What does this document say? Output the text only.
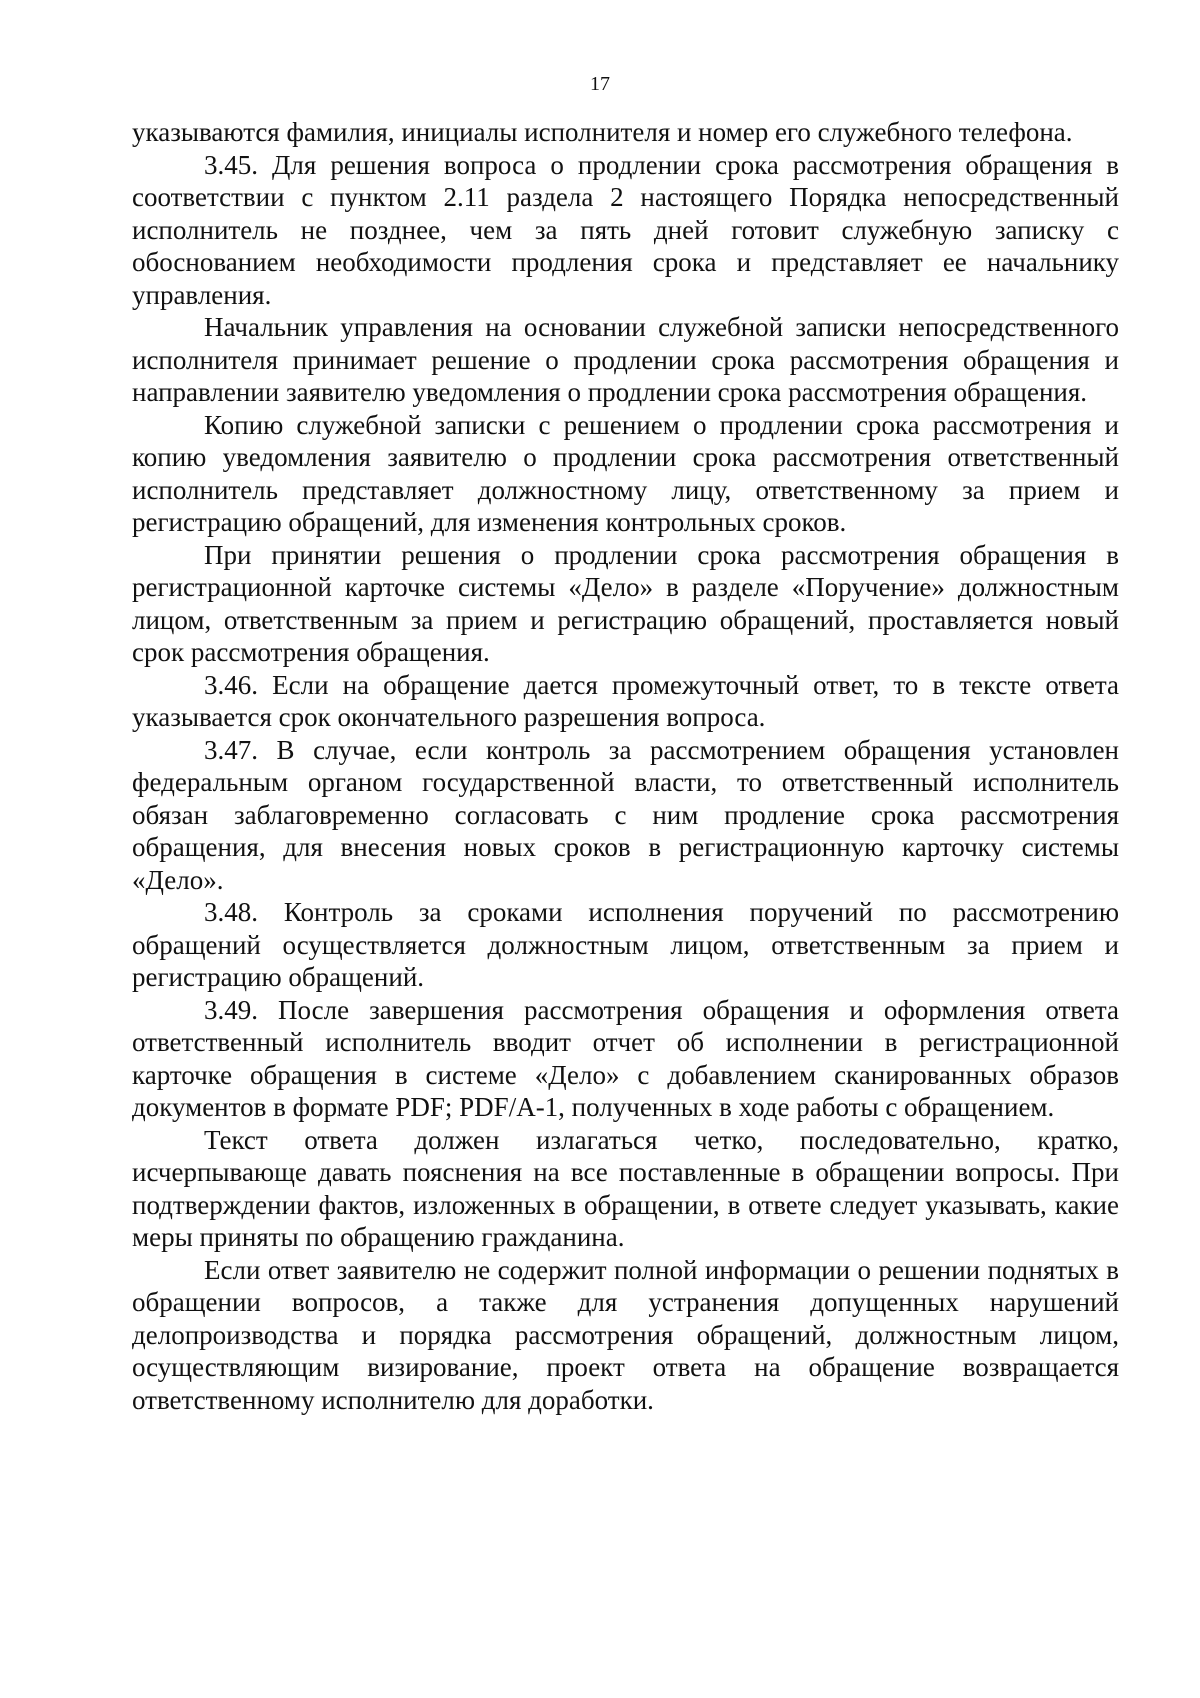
17

указываются фамилия, инициалы исполнителя и номер его служебного телефона.

3.45. Для решения вопроса о продлении срока рассмотрения обращения в соответствии с пунктом 2.11 раздела 2 настоящего Порядка непосредственный исполнитель не позднее, чем за пять дней готовит служебную записку с обоснованием необходимости продления срока и представляет ее начальнику управления.

Начальник управления на основании служебной записки непосредственного исполнителя принимает решение о продлении срока рассмотрения обращения и направлении заявителю уведомления о продлении срока рассмотрения обращения.

Копию служебной записки с решением о продлении срока рассмотрения и копию уведомления заявителю о продлении срока рассмотрения ответственный исполнитель представляет должностному лицу, ответственному за прием и регистрацию обращений, для изменения контрольных сроков.

При принятии решения о продлении срока рассмотрения обращения в регистрационной карточке системы «Дело» в разделе «Поручение» должностным лицом, ответственным за прием и регистрацию обращений, проставляется новый срок рассмотрения обращения.

3.46. Если на обращение дается промежуточный ответ, то в тексте ответа указывается срок окончательного разрешения вопроса.

3.47. В случае, если контроль за рассмотрением обращения установлен федеральным органом государственной власти, то ответственный исполнитель обязан заблаговременно согласовать с ним продление срока рассмотрения обращения, для внесения новых сроков в регистрационную карточку системы «Дело».

3.48. Контроль за сроками исполнения поручений по рассмотрению обращений осуществляется должностным лицом, ответственным за прием и регистрацию обращений.

3.49. После завершения рассмотрения обращения и оформления ответа ответственный исполнитель вводит отчет об исполнении в регистрационной карточке обращения в системе «Дело» с добавлением сканированных образов документов в формате PDF; PDF/A-1, полученных в ходе работы с обращением.

Текст ответа должен излагаться четко, последовательно, кратко, исчерпывающе давать пояснения на все поставленные в обращении вопросы. При подтверждении фактов, изложенных в обращении, в ответе следует указывать, какие меры приняты по обращению гражданина.

Если ответ заявителю не содержит полной информации о решении поднятых в обращении вопросов, а также для устранения допущенных нарушений делопроизводства и порядка рассмотрения обращений, должностным лицом, осуществляющим визирование, проект ответа на обращение возвращается ответственному исполнителю для доработки.
